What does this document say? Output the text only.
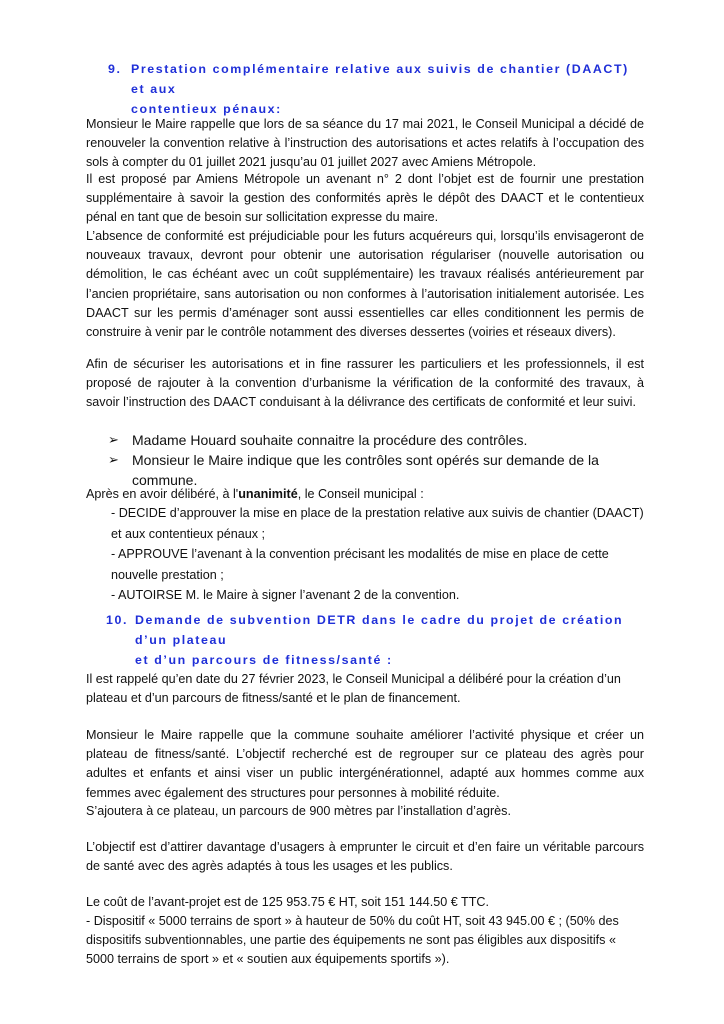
9. Prestation complémentaire relative aux suivis de chantier (DAACT) et aux
contentieux pénaux:
Monsieur le Maire rappelle que lors de sa séance du 17 mai 2021, le Conseil Municipal a décidé de renouveler la convention relative à l’instruction des autorisations et actes relatifs à l’occupation des sols à compter du 01 juillet 2021 jusqu’au 01 juillet 2027 avec Amiens Métropole.
Il est proposé par Amiens Métropole un avenant n° 2 dont l’objet est de fournir une prestation supplémentaire à savoir la gestion des conformités après le dépôt des DAACT et le contentieux pénal en tant que de besoin sur sollicitation expresse du maire.
L’absence de conformité est préjudiciable pour les futurs acquéreurs qui, lorsqu’ils envisageront de nouveaux travaux, devront pour obtenir une autorisation régulariser (nouvelle autorisation ou démolition, le cas échéant avec un coût supplémentaire) les travaux réalisés antérieurement par l’ancien propriétaire, sans autorisation ou non conformes à l’autorisation initialement autorisée. Les DAACT sur les permis d’aménager sont aussi essentielles car elles conditionnent les permis de construire à venir par le contrôle notamment des diverses dessertes (voiries et réseaux divers).
Afin de sécuriser les autorisations et in fine rassurer les particuliers et les professionnels, il est proposé de rajouter à la convention d’urbanisme la vérification de la conformité des travaux, à savoir l’instruction des DAACT conduisant à la délivrance des certificats de conformité et leur suivi.
➢ Madame Houard souhaite connaitre la procédure des contrôles.
➢ Monsieur le Maire indique que les contrôles sont opérés sur demande de la commune.
Après en avoir délibéré, à l'unanimité, le Conseil municipal :
- DECIDE d’approuver la mise en place de la prestation relative aux suivis de chantier (DAACT) et aux contentieux pénaux ;
- APPROUVE l’avenant à la convention précisant les modalités de mise en place de cette nouvelle prestation ;
- AUTOIRSE M. le Maire à signer l’avenant 2 de la convention.
10. Demande de subvention DETR dans le cadre du projet de création d’un plateau
et d’un parcours de fitness/santé :
Il est rappelé qu’en date du 27 février 2023, le Conseil Municipal a délibéré pour la création d’un plateau et d’un parcours de fitness/santé et le plan de financement.
Monsieur le Maire rappelle que la commune souhaite améliorer l’activité physique et créer un plateau de fitness/santé. L’objectif recherché est de regrouper sur ce plateau des agrès pour adultes et enfants et ainsi viser un public intergénérationnel, adapté aux hommes comme aux femmes avec également des structures pour personnes à mobilité réduite.
S’ajoutera à ce plateau, un parcours de 900 mètres par l’installation d’agrès.
L’objectif est d’attirer davantage d’usagers à emprunter le circuit et d’en faire un véritable parcours de santé avec des agrès adaptés à tous les usages et les publics.
Le coût de l’avant-projet est de 125 953.75 € HT, soit 151 144.50 € TTC.
- Dispositif « 5000 terrains de sport » à hauteur de 50% du coût HT, soit 43 945.00 € ; (50% des dispositifs subventionnables, une partie des équipements ne sont pas éligibles aux dispositifs « 5000 terrains de sport » et « soutien aux équipements sportifs »).
